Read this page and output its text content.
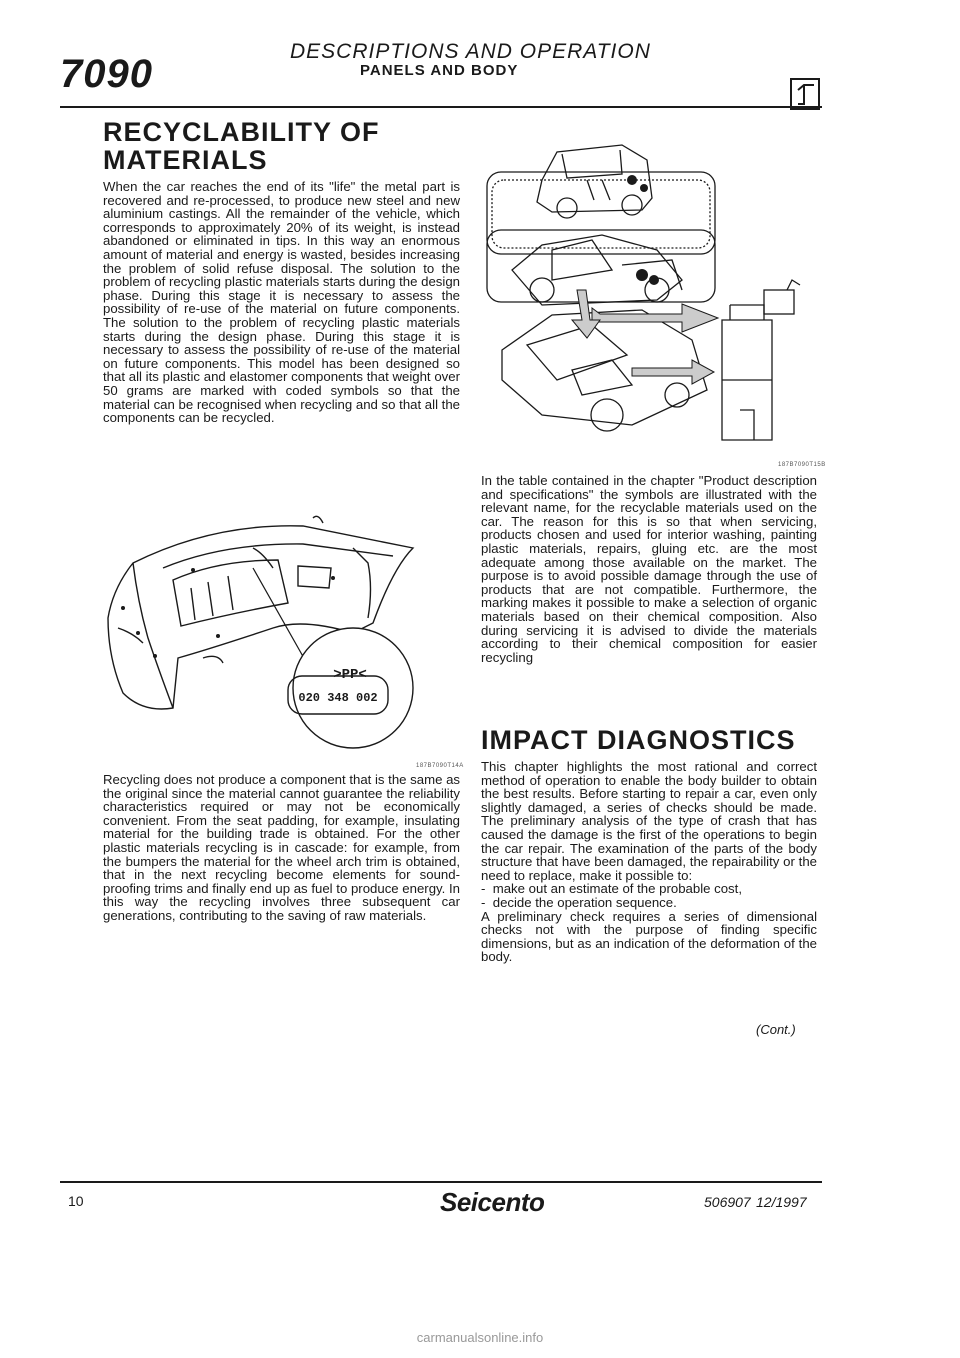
7090
DESCRIPTIONS AND OPERATION
PANELS AND BODY
RECYCLABILITY OF
MATERIALS

When the car reaches the end of its "life" the metal part is recovered and re-processed, to produce new steel and new aluminium castings. All the remainder of the vehicle, which corresponds to approximately 20% of its weight, is instead abandoned or eliminated in tips. In this way an enormous amount of material and energy is wasted, besides increasing the problem of solid refuse disposal. The solution to the problem of recycling plastic materials starts during the design phase. During this stage it is necessary to assess the possibility of re-use of the material on future components. The solution to the problem of recycling plastic materials starts during the design phase. During this stage it is necessary to assess the possibility of re-use of the material on future components. This model has been designed so that all its plastic and elastomer components that weight over 50 grams are marked with coded symbols so that the material can be recognised when recycling and so that all the components can be recycled.

>PP<
020 348 002
187B7090T14A

Recycling does not produce a component that is the same as the original since the material cannot guarantee the reliability characteristics required or may not be economically convenient. From the seat padding, for example, insulating material for the building trade is obtained. For the other plastic materials recycling is in cascade: for example, from the bumpers the material for the wheel arch trim is obtained, that in the next recycling become elements for sound-proofing trims and finally end up as fuel to produce energy. In this way the recycling involves three subsequent car generations, contributing to the saving of raw materials.

187B7090T15B

In the table contained in the chapter "Product description and specifications" the symbols are illustrated with the relevant name, for the recyclable materials used on the car. The reason for this is so that when servicing, products chosen and used for interior washing, painting plastic materials, repairs, gluing etc. are the most adequate among those available on the market. The purpose is to avoid possible damage through the use of products that are not compatible. Furthermore, the marking makes it possible to make a selection of organic materials based on their chemical composition. Also during servicing it is advised to divide the materials according to their chemical composition for easier recycling

IMPACT DIAGNOSTICS

This chapter highlights the most rational and correct method of operation to enable the body builder to obtain the best results. Before starting to repair a car, even only slightly damaged, a series of checks should be made. The preliminary analysis of the type of crash that has caused the damage is the first of the operations to begin the car repair. The examination of the parts of the body structure that have been damaged, the repairability or the need to replace, make it possible to:

-  make out an estimate of the probable cost,

-  decide the operation sequence.

A preliminary check requires a series of dimensional checks not with the purpose of finding specific dimensions, but as an indication of the deformation of the body.

(Cont.)
10	Seicento	506907 12/1997
carmanualsonline.info
